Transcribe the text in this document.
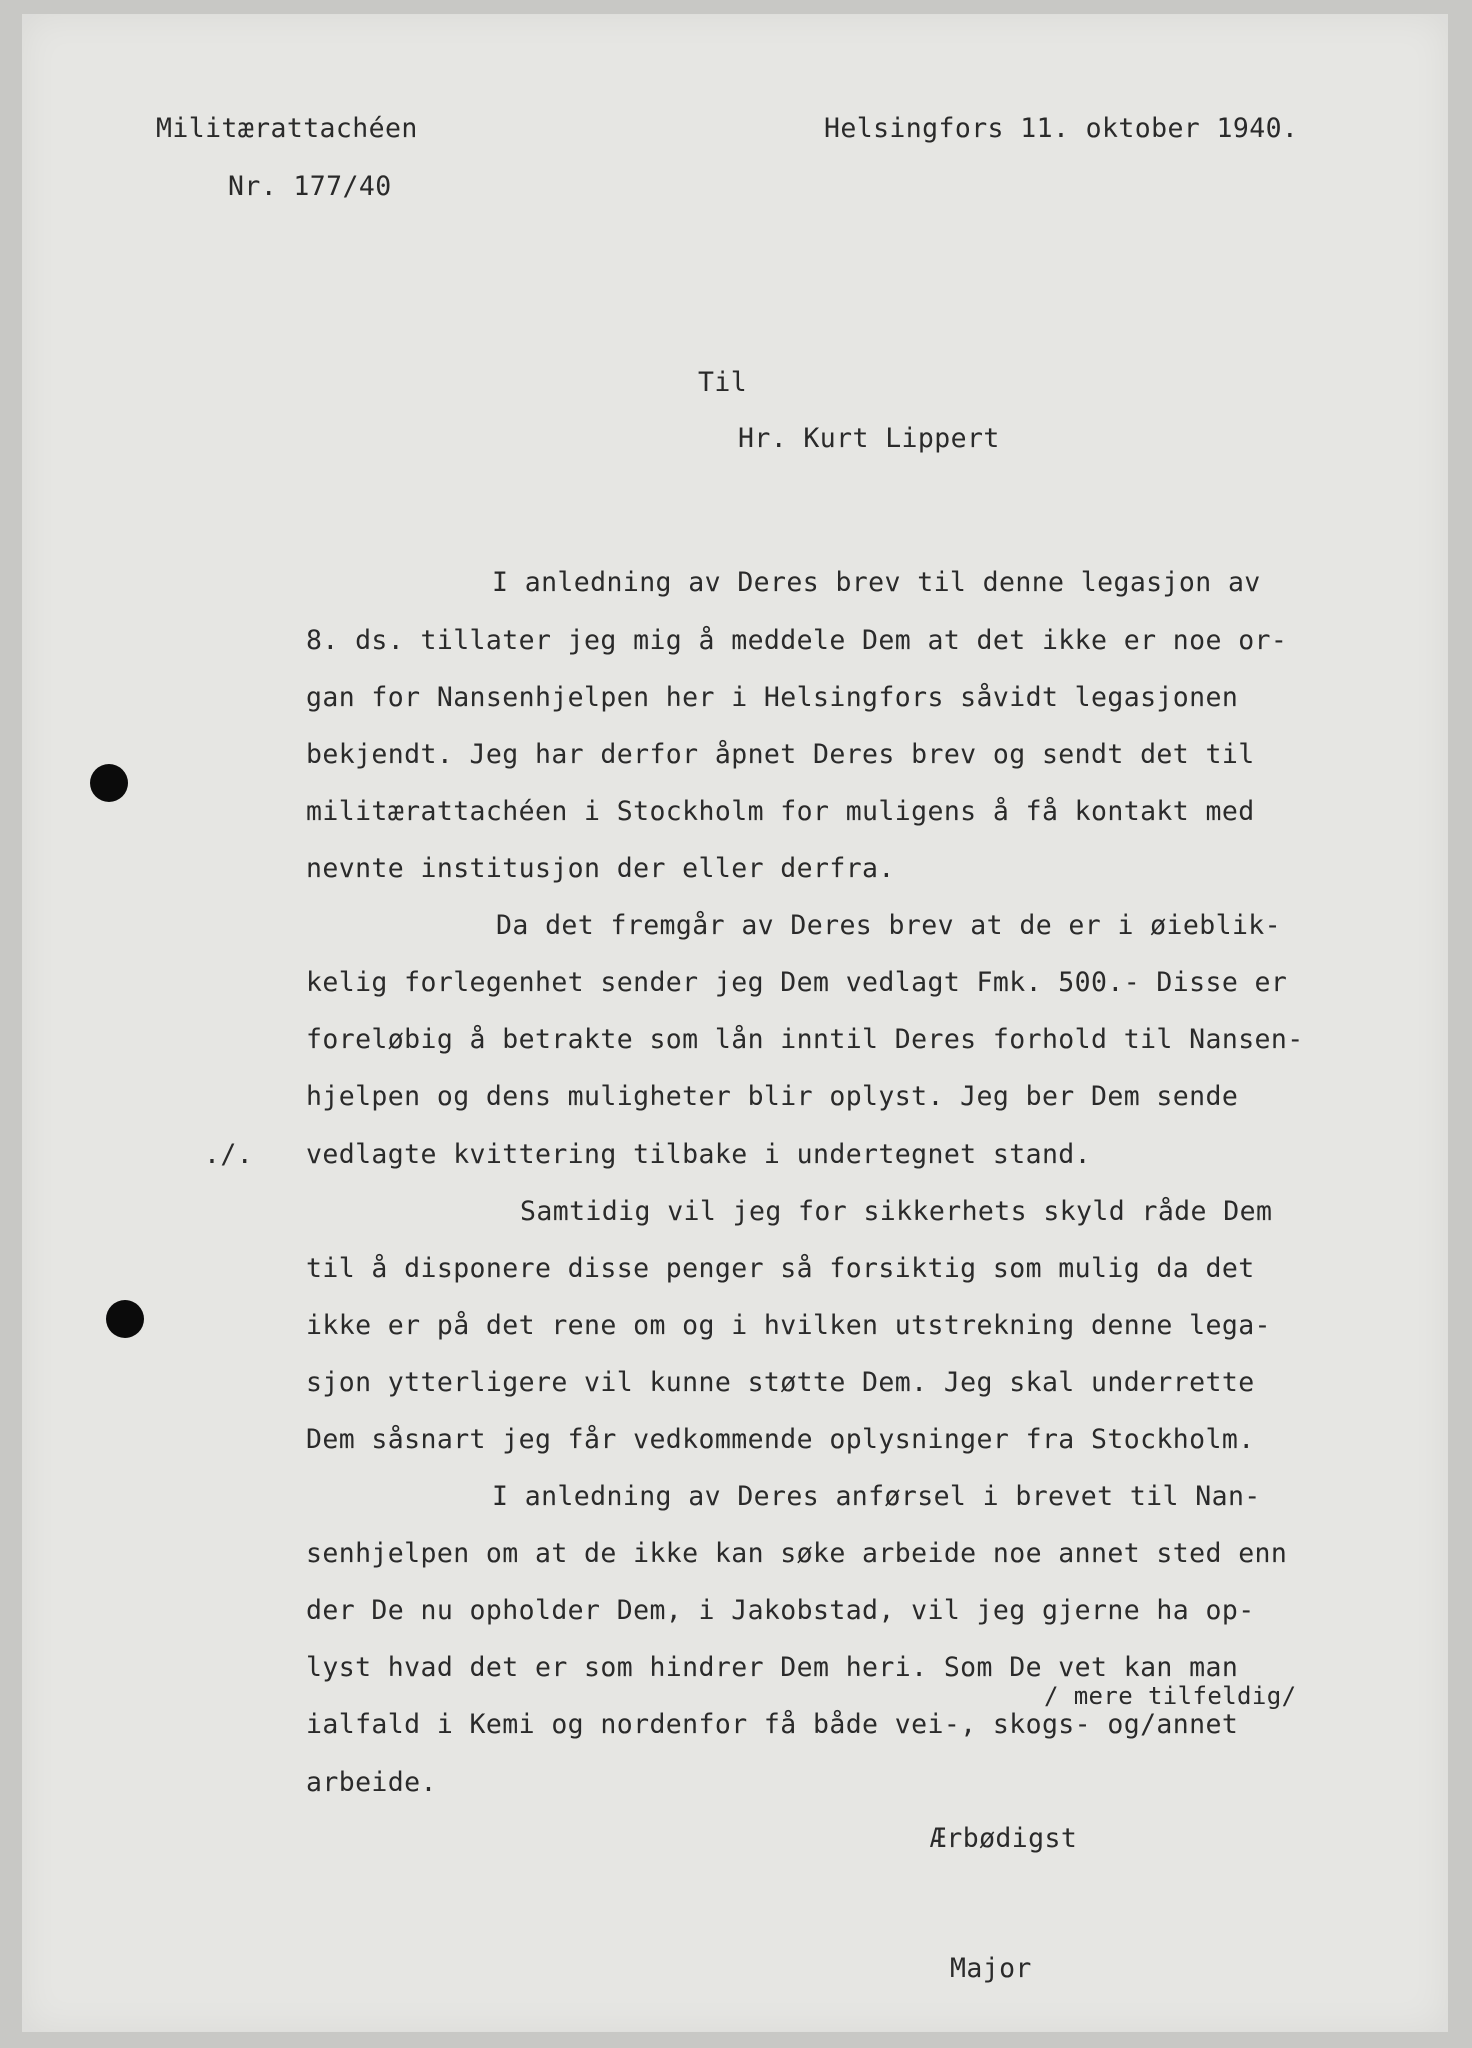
Militærattachéen	Helsingfors 11. oktober 1940.
Nr. 177/40
Til
Hr. Kurt Lippert
I anledning av Deres brev til denne legasjon av
8. ds. tillater jeg mig å meddele Dem at det ikke er noe or-
gan for Nansenhjelpen her i Helsingfors såvidt legasjonen
bekjendt. Jeg har derfor åpnet Deres brev og sendt det til
militærattachéen i Stockholm for muligens å få kontakt med
nevnte institusjon der eller derfra.
Da det fremgår av Deres brev at de er i øieblik-
kelig forlegenhet sender jeg Dem vedlagt Fmk. 500.- Disse er
foreløbig å betrakte som lån inntil Deres forhold til Nansen-
hjelpen og dens muligheter blir oplyst. Jeg ber Dem sende
./. vedlagte kvittering tilbake i undertegnet stand.
Samtidig vil jeg for sikkerhets skyld råde Dem
til å disponere disse penger så forsiktig som mulig da det
ikke er på det rene om og i hvilken utstrekning denne lega-
sjon ytterligere vil kunne støtte Dem. Jeg skal underrette
Dem såsnart jeg får vedkommende oplysninger fra Stockholm.
I anledning av Deres anførsel i brevet til Nan-
senhjelpen om at de ikke kan søke arbeide noe annet sted enn
der De nu opholder Dem, i Jakobstad, vil jeg gjerne ha op-
lyst hvad det er som hindrer Dem heri. Som De vet kan man
/ mere tilfeldig/
ialfald i Kemi og nordenfor få både vei-, skogs- og/annet
arbeide.
Ærbødigst
Major
